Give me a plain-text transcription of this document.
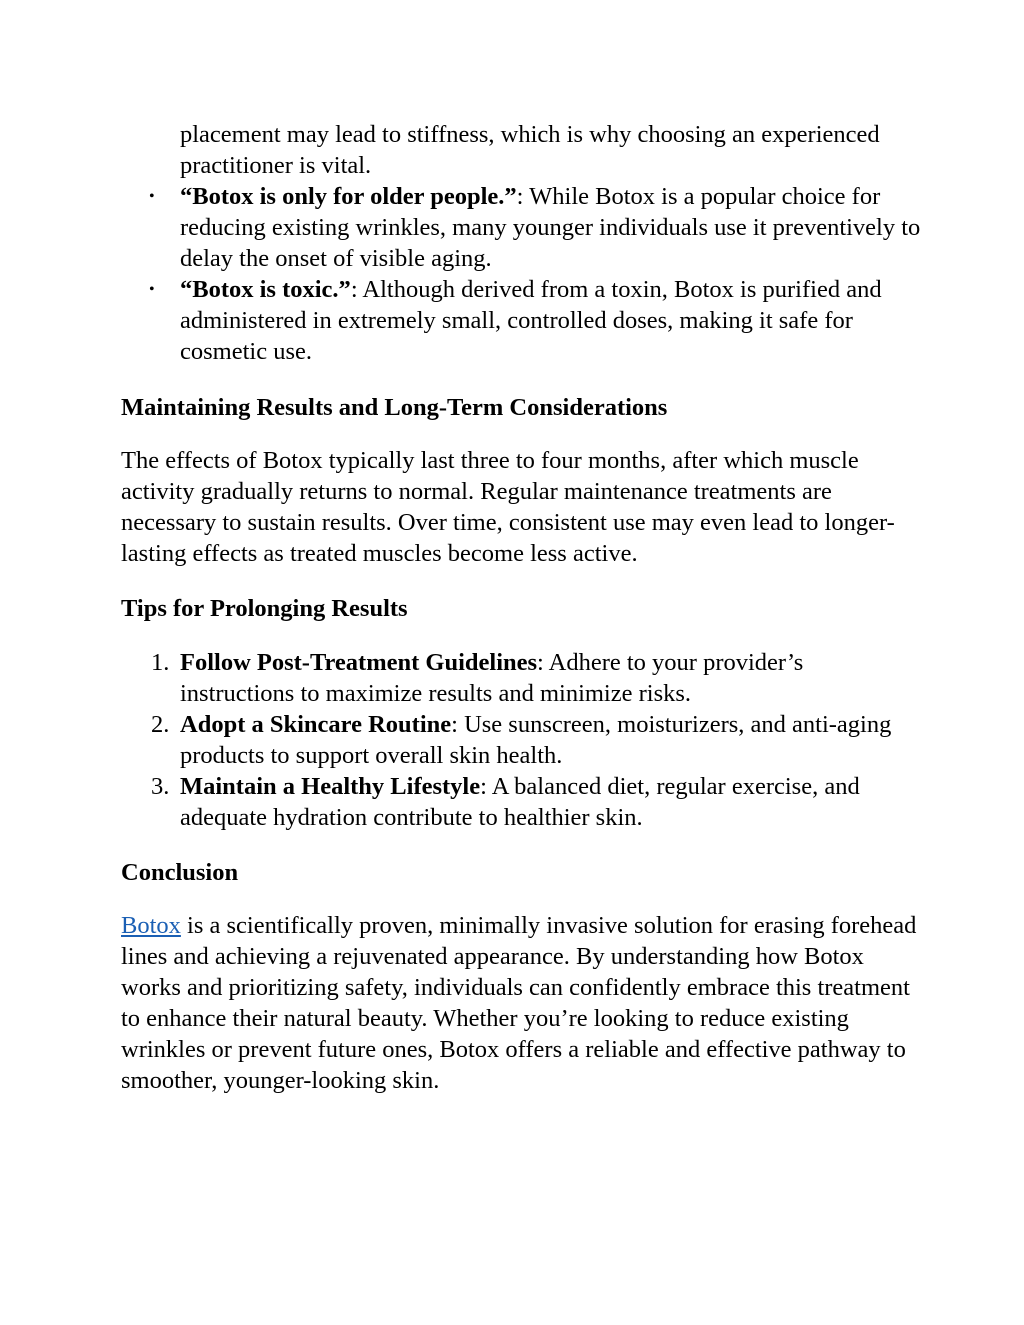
placement may lead to stiffness, which is why choosing an experienced practitioner is vital.

• “Botox is only for older people.”: While Botox is a popular choice for reducing existing wrinkles, many younger individuals use it preventively to delay the onset of visible aging.
• “Botox is toxic.”: Although derived from a toxin, Botox is purified and administered in extremely small, controlled doses, making it safe for cosmetic use.

Maintaining Results and Long-Term Considerations

The effects of Botox typically last three to four months, after which muscle activity gradually returns to normal. Regular maintenance treatments are necessary to sustain results. Over time, consistent use may even lead to longer-lasting effects as treated muscles become less active.

Tips for Prolonging Results

1. Follow Post-Treatment Guidelines: Adhere to your provider’s instructions to maximize results and minimize risks.
2. Adopt a Skincare Routine: Use sunscreen, moisturizers, and anti-aging products to support overall skin health.
3. Maintain a Healthy Lifestyle: A balanced diet, regular exercise, and adequate hydration contribute to healthier skin.

Conclusion

Botox is a scientifically proven, minimally invasive solution for erasing forehead lines and achieving a rejuvenated appearance. By understanding how Botox works and prioritizing safety, individuals can confidently embrace this treatment to enhance their natural beauty. Whether you’re looking to reduce existing wrinkles or prevent future ones, Botox offers a reliable and effective pathway to smoother, younger-looking skin.
